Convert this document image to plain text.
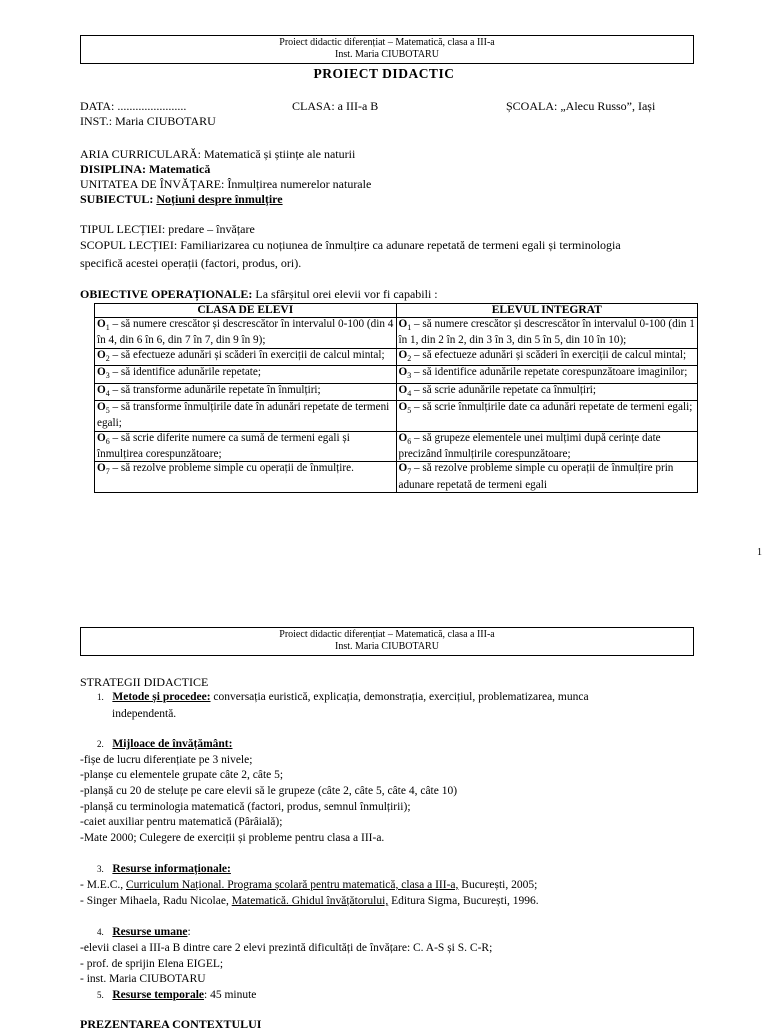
Proiect didactic diferențiat – Matematică, clasa a III-a
Inst. Maria CIUBOTARU
PROIECT DIDACTIC
DATA: .......................	CLASA: a III-a B	ȘCOALA: „Alecu Russo”, Iași
INST.: Maria CIUBOTARU
ARIA CURRICULARĂ: Matematică și științe ale naturii
DISIPLINA: Matematică
UNITATEA DE ÎNVĂȚARE: Înmulțirea numerelor naturale
SUBIECTUL: Noțiuni despre înmulțire
TIPUL LECȚIEI: predare – învățare
SCOPUL LECȚIEI: Familiarizarea cu noțiunea de înmulțire ca adunare repetată de termeni egali și terminologia
specifică acestei operații (factori, produs, ori).
OBIECTIVE OPERAȚIONALE: La sfârșitul orei elevii vor fi capabili :
CLASA DE ELEVI	ELEVUL INTEGRAT
$O_1$ – să numere crescător și descrescător în intervalul 0-100 (din 4 în 4, din 6 în 6, din 7 în 7, din 9 în 9);	$O_1$ – să numere crescător și descrescător în intervalul 0-100 (din 1 în 1, din 2 în 2, din 3 în 3, din 5 în 5, din 10 în 10);
$O_2$ – să efectueze adunări și scăderi în exerciții de calcul mintal;	$O_2$ – să efectueze adunări și scăderi în exerciții de calcul mintal;
$O_3$ – să identifice adunările repetate;	$O_3$ – să identifice adunările repetate corespunzătoare imaginilor;
$O_4$ – să transforme adunările repetate în înmulțiri;	$O_4$ – să scrie adunările repetate ca înmulțiri;
$O_5$ – să transforme înmulțirile date în adunări repetate de termeni egali;	$O_5$ – să scrie înmulțirile date ca adunări repetate de termeni egali;
$O_6$ – să scrie diferite numere ca sumă de termeni egali și înmulțirea corespunzătoare;	$O_6$ – să grupeze elementele unei mulțimi după cerințe date precizând înmulțirile corespunzătoare;
$O_7$ – să rezolve probleme simple cu operații de înmulțire.	$O_7$ – să rezolve probleme simple cu operații de înmulțire prin adunare repetată de termeni egali
1
Proiect didactic diferențiat – Matematică, clasa a III-a
Inst. Maria CIUBOTARU
STRATEGII DIDACTICE
1. Metode și procedee: conversația euristică, explicația, demonstrația, exercițiul, problematizarea, munca
independentă.
2. Mijloace de învățământ:
-fișe de lucru diferențiate pe 3 nivele;
-planșe cu elementele grupate câte 2, câte 5;
-planșă cu 20 de steluțe pe care elevii să le grupeze (câte 2, câte 5, câte 4, câte 10)
-planșă cu terminologia matematică (factori, produs, semnul înmulțirii);
-caiet auxiliar pentru matematică (Pârâială);
-Mate 2000; Culegere de exerciții și probleme pentru clasa a III-a.
3. Resurse informaționale:
- M.E.C., Curriculum Național. Programa școlară pentru matematică, clasa a III-a, București, 2005;
- Singer Mihaela, Radu Nicolae, Matematică. Ghidul învățătorului, Editura Sigma, București, 1996.
4. Resurse umane:
-elevii clasei a III-a B dintre care 2 elevi prezintă dificultăți de învățare: C. A-S și S. C-R;
- prof. de sprijin Elena EIGEL;
- inst. Maria CIUBOTARU
5. Resurse temporale: 45 minute
PREZENTAREA CONTEXTULUI
